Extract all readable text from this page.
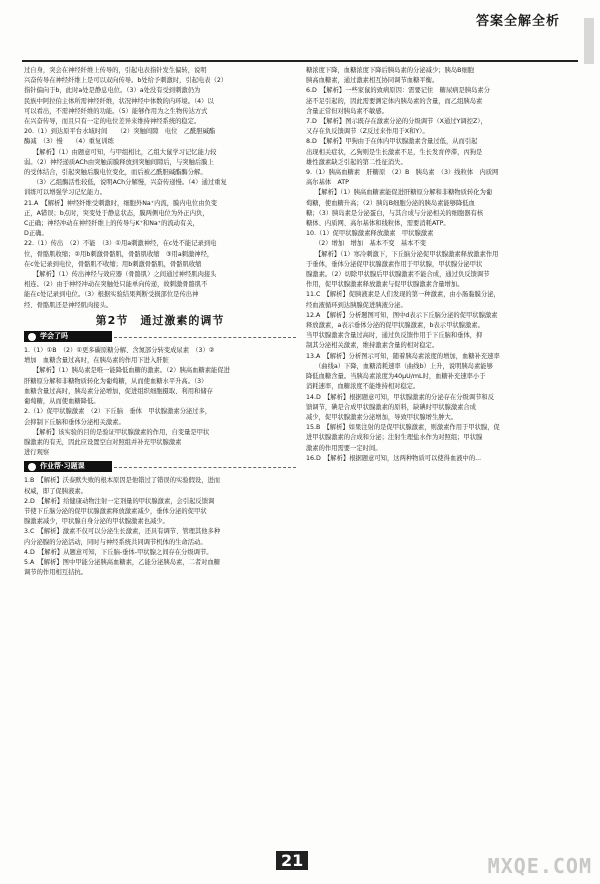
答案全解全析

过自身，突会在神经纤维上传导的，引起电表指针发生偏转，说明

兴奋传导在神经纤维上是可以双向传导。b处给予刺激时，引起电表（2）

指针偏向于b，此时a处是静息电位。（3）a处没有受到刺激仍为

民族中阿拉伯主体所需神经纤维，状况神经中体数的内环境。（4）以

可以看出，不需神经纤维的功能。（5）能够作用为之生物传达方式

在兴奋传导，而且只有一定的电位差异来维持神经系统的稳定。

20.（1）到达原平台水域时间　　（2）突触间隙　电位　乙酰胆碱酯

酶减　（3）慢　　（4）重复训练

【解析】（1）由题意可知，与甲组相比，乙组大鼠学习记忆能力较

弱。（2）神经递质ACh由突触前膜释放到突触间隙后，与突触后膜上

的受体结合，引起突触后膜电位变化，而后被乙酰胆碱酯酶分解。

（3）乙组酶活性较低，说明ACh分解慢，兴奋传递慢。（4）通过重复

训练可以增强学习记忆能力。

21.A　【解析】神经纤维受刺激时，细胞外Na⁺内流，膜内电位由负变

正，A错误；b点时，突变处于静息状态，膜两侧电位为外正内负，

C正确；神经冲动在神经纤维上的传导与K⁺和Na⁺的流动有关，

D正确。

22.（1）传出　（2）不能　（3）①用a刺激神经，在c处不能记录到电

位，骨骼肌收缩；②用b刺激骨骼肌，骨骼肌收缩　③用a刺激神经，

在c处记录到电位，骨骼肌不收缩；用b刺激骨骼肌，骨骼肌收缩

【解析】（1）传出神经与效应器（骨骼肌）之间通过神经肌肉接头

相连。（2）由于神经冲动在突触处只能单向传递，故刺激骨骼肌不

能在c处记录到电位。（3）根据实验结果判断受损部位是传出神

经、骨骼肌还是神经肌肉接头。

第2节　通过激素的调节
学会了吗

1.（1）①B　（2）①更多碳原糖分解、含氮部分转变成尿素　（3）②

增加　血糖含量过高时，在胰岛素的作用下进入肝脏

【解析】（1）胰岛素是唯一能降低血糖的激素。（2）胰高血糖素能促进

肝糖原分解和非糖物质转化为葡萄糖，从而使血糖水平升高。（3）

血糖含量过高时，胰岛素分泌增加，促进组织细胞摄取、利用和储存

葡萄糖，从而使血糖降低。

2.（1）促甲状腺激素　（2）下丘脑　垂体　甲状腺激素分泌过多，

会抑制下丘脑和垂体分泌相关激素。

【解析】该实验的目的是验证甲状腺激素的作用，自变量是甲状

腺激素的有无，因此应设置空白对照组并补充甲状腺激素

进行观察

作业帮·习题课

1.B　【解析】沃泰默失败的根本原因是他错过了错误的实验假设，进而

权威，即了促胰液素。

2.D　【解析】给健康动物注射一定剂量的甲状腺激素，会引起反馈调

节使下丘脑分泌的促甲状腺激素释放激素减少，垂体分泌的促甲状

腺激素减少，甲状腺自身分泌的甲状腺激素也减少。

3.C　【解析】激素不仅可以分泌生长激素，还具有调节、管理其他多种

内分泌腺的分泌活动，同时与神经系统共同调节机体的生命活动。

4.D　【解析】从题意可知，下丘脑-垂体-甲状腺之间存在分级调节。

5.A　【解析】图中甲能分泌胰高血糖素，乙能分泌胰岛素，二者对血糖

调节的作用相互拮抗。

糖浓度下降，血糖浓度下降后胰岛素的分泌减少；胰岛B细胞

胰高血糖素，通过激素相互协同调节血糖平衡。

6.D　【解析】一些家鼠的致病原因：需要记住　糖尿病是胰岛素分

泌不足引起的，因此需要测定体内胰岛素的含量，而乙组胰岛素

含量正常但对胰岛素不敏感。

7.D　【解析】图示既存在激素分泌的分级调节（X通过Y调控Z），

又存在负反馈调节（Z反过来作用于X和Y）。

8.D　【解析】甲狗由于在体内甲状腺激素含量过低，从而引起

出现相关症状，乙狗则是生长激素不足，生长发育停滞，丙狗是

雄性激素缺乏引起的第二性征消失。

9.（1）胰高血糖素　肝糖原　（2）B　胰岛素　（3）线粒体　内质网

高尔基体　ATP

【解析】（1）胰高血糖素能促进肝糖原分解和非糖物质转化为葡

萄糖，使血糖升高；（2）胰岛B细胞分泌的胰岛素能够降低血

糖；（3）胰岛素是分泌蛋白，与其合成与分泌相关的细胞器有核

糖体、内质网、高尔基体和线粒体，需要消耗ATP。

10.（1）促甲状腺激素释放激素　甲状腺激素

（2）增加　增加　基本不变　基本不变

【解析】（1）寒冷刺激下，下丘脑分泌促甲状腺激素释放激素作用

于垂体，垂体分泌促甲状腺激素作用于甲状腺，甲状腺分泌甲状

腺激素。（2）切除甲状腺后甲状腺激素不能合成，通过负反馈调节

作用，促甲状腺激素释放激素与促甲状腺激素含量增加。

11.C　【解析】促胰液素是人们发现的第一种激素，由小肠黏膜分泌，

经血液循环到达胰腺促进胰液分泌。

12.A　【解析】分析题图可知，图中d表示下丘脑分泌的促甲状腺激素

释放激素，a表示垂体分泌的促甲状腺激素，b表示甲状腺激素。

当甲状腺激素含量过高时，通过负反馈作用于下丘脑和垂体，抑

制其分泌相关激素，维持激素含量的相对稳定。

13.A　【解析】分析图示可知，随着胰岛素浓度的增加，血糖补充速率

（曲线a）下降，血糖消耗速率（曲线b）上升，说明胰岛素能够

降低血糖含量。当胰岛素浓度为40μU/mL时，血糖补充速率小于

消耗速率，血糖浓度不能维持相对稳定。

14.D　【解析】根据题意可知，甲状腺激素的分泌存在分级调节和反

馈调节，碘是合成甲状腺激素的原料，缺碘时甲状腺激素合成

减少，促甲状腺激素分泌增加，导致甲状腺增生肿大。

15.B　【解析】如果注射的是促甲状腺激素，则激素作用于甲状腺，促

进甲状腺激素的合成和分泌；注射生理盐水作为对照组；甲状腺

激素的作用需要一定时间。

16.D　【解析】根据题意可知，这两种物质可以使得血液中的...

21	MXQE.COM
